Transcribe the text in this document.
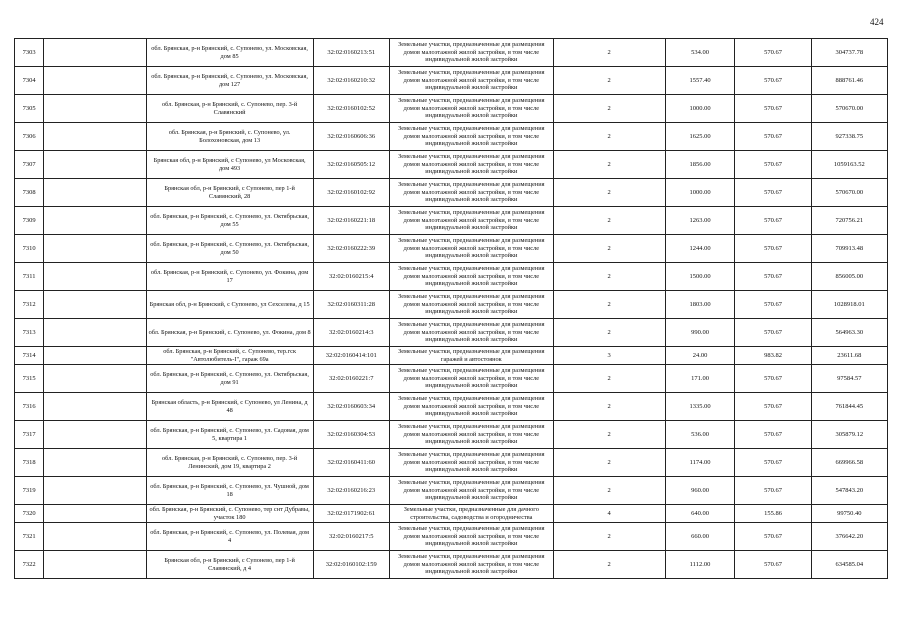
424
7303		обл. Брянская, р-н Брянский, с. Супонево, ул. Московская, дом 85	32:02:0160213:51	Земельные участки, предназначенные для размещения домов малоэтажной жилой застройки, в том числе индивидуальной жилой застройки	2	534.00	570.67	304737.78
7304		обл. Брянская, р-н Брянский, с. Супонево, ул. Московская, дом 127	32:02:0160210:32	Земельные участки, предназначенные для размещения домов малоэтажной жилой застройки, в том числе индивидуальной жилой застройки	2	1557.40	570.67	888761.46
7305		обл. Брянская, р-н Брянский, с. Супонево, пер. 3-й Славянский	32:02:0160102:52	Земельные участки, предназначенные для размещения домов малоэтажной жилой застройки, в том числе индивидуальной жилой застройки	2	1000.00	570.67	570670.00
7306		обл. Брянская, р-н Брянский, с. Супонево, ул. Болохоновская, дом 13	32:02:0160606:36	Земельные участки, предназначенные для размещения домов малоэтажной жилой застройки, в том числе индивидуальной жилой застройки	2	1625.00	570.67	927338.75
7307		Брянская обл, р-н Брянский, с Супонево, ул Московская, дом 493	32:02:0160505:12	Земельные участки, предназначенные для размещения домов малоэтажной жилой застройки, в том числе индивидуальной жилой застройки	2	1856.00	570.67	1059163.52
7308		Брянская обл, р-н Брянский, с Супонево, пер 1-й Славянский, 28	32:02:0160102:92	Земельные участки, предназначенные для размещения домов малоэтажной жилой застройки, в том числе индивидуальной жилой застройки	2	1000.00	570.67	570670.00
7309		обл. Брянская, р-н Брянский, с. Супонево, ул. Октябрьская, дом 55	32:02:0160221:18	Земельные участки, предназначенные для размещения домов малоэтажной жилой застройки, в том числе индивидуальной жилой застройки	2	1263.00	570.67	720756.21
7310		обл. Брянская, р-н Брянский, с. Супонево, ул. Октябрьская, дом 50	32:02:0160222:39	Земельные участки, предназначенные для размещения домов малоэтажной жилой застройки, в том числе индивидуальной жилой застройки	2	1244.00	570.67	709913.48
7311		обл. Брянская, р-н Брянский, с. Супонево, ул. Фокина, дом 17	32:02:0160215:4	Земельные участки, предназначенные для размещения домов малоэтажной жилой застройки, в том числе индивидуальной жилой застройки	2	1500.00	570.67	856005.00
7312		Брянская обл, р-н Брянский, с Супонево, ул Сехселева, д 15	32:02:0160311:28	Земельные участки, предназначенные для размещения домов малоэтажной жилой застройки, в том числе индивидуальной жилой застройки	2	1803.00	570.67	1028918.01
7313		обл. Брянская, р-н Брянский, с. Супонево, ул. Фокина, дом 8	32:02:0160214:3	Земельные участки, предназначенные для размещения домов малоэтажной жилой застройки, в том числе индивидуальной жилой застройки	2	990.00	570.67	564963.30
7314		обл. Брянская, р-н Брянский, с. Супонево, тер.гск "Автолюбитель-I", гараж 69а	32:02:0160414:101	Земельные участки, предназначенные для размещения гаражей и автостоянок	3	24.00	983.82	23611.68
7315		обл. Брянская, р-н Брянский, с. Супонево, ул. Октябрьская, дом 91	32:02:0160221:7	Земельные участки, предназначенные для размещения домов малоэтажной жилой застройки, в том числе индивидуальной жилой застройки	2	171.00	570.67	97584.57
7316		Брянская область, р-н Брянский, с Супонево, ул Ленина, д 48	32:02:0160603:34	Земельные участки, предназначенные для размещения домов малоэтажной жилой застройки, в том числе индивидуальной жилой застройки	2	1335.00	570.67	761844.45
7317		обл. Брянская, р-н Брянский, с. Супонево, ул. Садовая, дом 5, квартира 1	32:02:0160304:53	Земельные участки, предназначенные для размещения домов малоэтажной жилой застройки, в том числе индивидуальной жилой застройки	2	536.00	570.67	305879.12
7318		обл. Брянская, р-н Брянский, с. Супонево, пер. 3-й Ленинский, дом 19, квартира 2	32:02:0160411:60	Земельные участки, предназначенные для размещения домов малоэтажной жилой застройки, в том числе индивидуальной жилой застройки	2	1174.00	570.67	669966.58
7319		обл. Брянская, р-н Брянский, с. Супонево, ул. Чушной, дом 18	32:02:0160216:23	Земельные участки, предназначенные для размещения домов малоэтажной жилой застройки, в том числе индивидуальной жилой застройки	2	960.00	570.67	547843.20
7320		обл. Брянская, р-н Брянский, с. Супонево, тер снт Дубравы, участок 180	32:02:0171902:61	Земельные участки, предназначенные для дачного строительства, садоводства и огородничества	4	640.00	155.86	99750.40
7321		обл. Брянская, р-н Брянский, с. Супонево, ул. Полевая, дом 4	32:02:0160217:5	Земельные участки, предназначенные для размещения домов малоэтажной жилой застройки, в том числе индивидуальной жилой застройки	2	660.00	570.67	376642.20
7322		Брянская обл, р-н Брянский, с Супонево, пер 1-й Славянский, д 4	32:02:0160102:159	Земельные участки, предназначенные для размещения домов малоэтажной жилой застройки, в том числе индивидуальной жилой застройки	2	1112.00	570.67	634585.04
